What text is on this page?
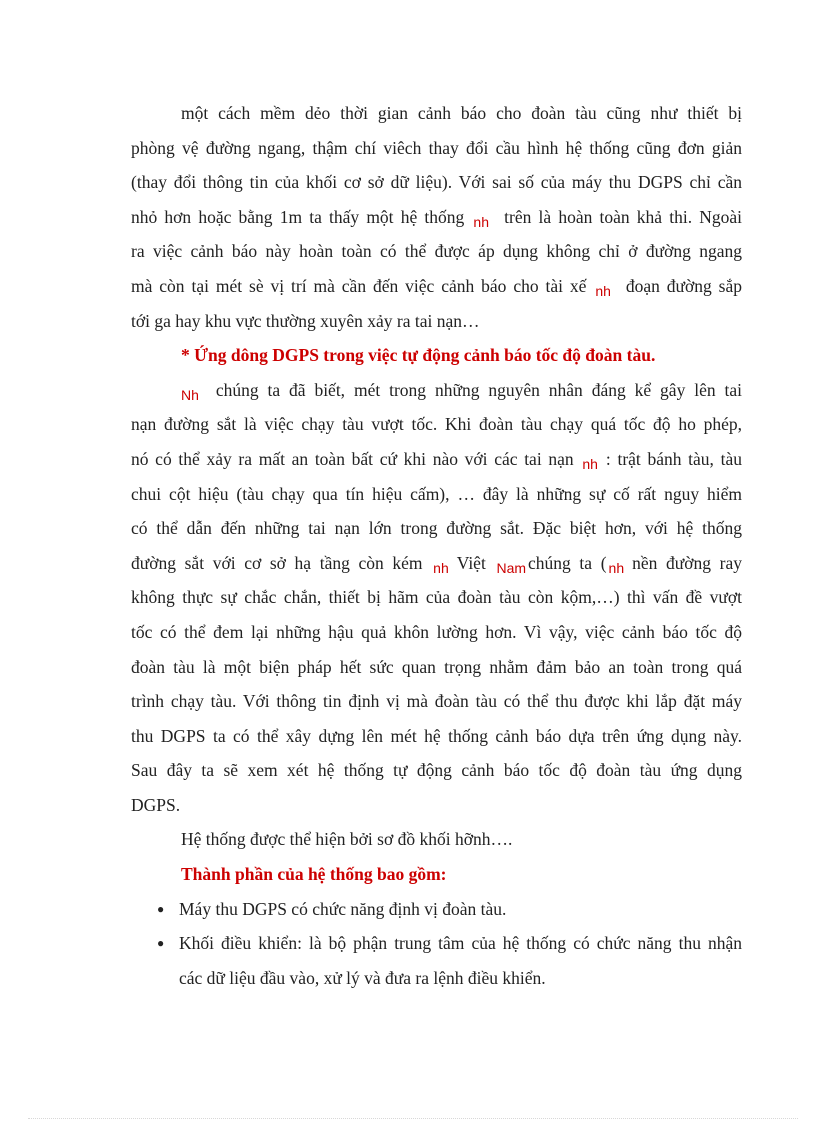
một cách mềm dẻo thời gian cảnh báo cho đoàn tàu cũng như thiết bị
phòng vệ đường ngang, thậm chí viêch thay đổi cầu hình hệ thống cũng đơn giản
(thay đổi thông tin của khối cơ sở dữ liệu). Với sai số của máy thu DGPS chỉ cần
nhỏ hơn hoặc bằng 1m ta thấy một hệ thống $_{nh}$ trên là hoàn toàn khả thi. Ngoài
ra việc cảnh báo này hoàn toàn có thể được áp dụng không chỉ ở đường ngang
mà còn tại mét sè vị trí mà cần đến việc cảnh báo cho tài xế $_{nh}$ đoạn đường sắp
tới ga hay khu vực thường xuyên xảy ra tai nạn…
* Ứng dông DGPS trong việc tự động cảnh báo tốc độ đoàn tàu.
$_{Nh}$ chúng ta đã biết, mét trong những nguyên nhân đáng kể gây lên tai
nạn đường sắt là việc chạy tàu vượt tốc. Khi đoàn tàu chạy quá tốc độ ho phép,
nó có thể xảy ra mất an toàn bất cứ khi nào với các tai nạn $_{nh}$ : trật bánh tàu, tàu
chui cột hiệu (tàu chạy qua tín hiệu cấm), … đây là những sự cố rất nguy hiểm
có thể dẫn đến những tai nạn lớn trong đường sắt. Đặc biệt hơn, với hệ thống
đường sắt với cơ sở hạ tầng còn kém $_{nh}$ Việt $_{Nam}$ chúng ta ( $_{nh}$ nền đường ray
không thực sự chắc chắn, thiết bị hãm của đoàn tàu còn kộm,…) thì vấn đề vượt
tốc có thể đem lại những hậu quả khôn lường hơn. Vì vậy, việc cảnh báo tốc độ
đoàn tàu là một biện pháp hết sức quan trọng nhằm đảm bảo an toàn trong quá
trình chạy tàu. Với thông tin định vị mà đoàn tàu có thể thu được khi lắp đặt máy
thu DGPS ta có thể xây dựng lên mét hệ thống cảnh báo dựa trên ứng dụng này.
Sau đây ta sẽ xem xét hệ thống tự động cảnh báo tốc độ đoàn tàu ứng dụng
DGPS.
Hệ thống được thể hiện bởi sơ đồ khối hỡnh….
Thành phần của hệ thống bao gồm:
● Máy thu DGPS có chức năng định vị đoàn tàu.
● Khối điều khiển: là bộ phận trung tâm của hệ thống có chức năng thu nhận
các dữ liệu đầu vào, xử lý và đưa ra lệnh điều khiển.
